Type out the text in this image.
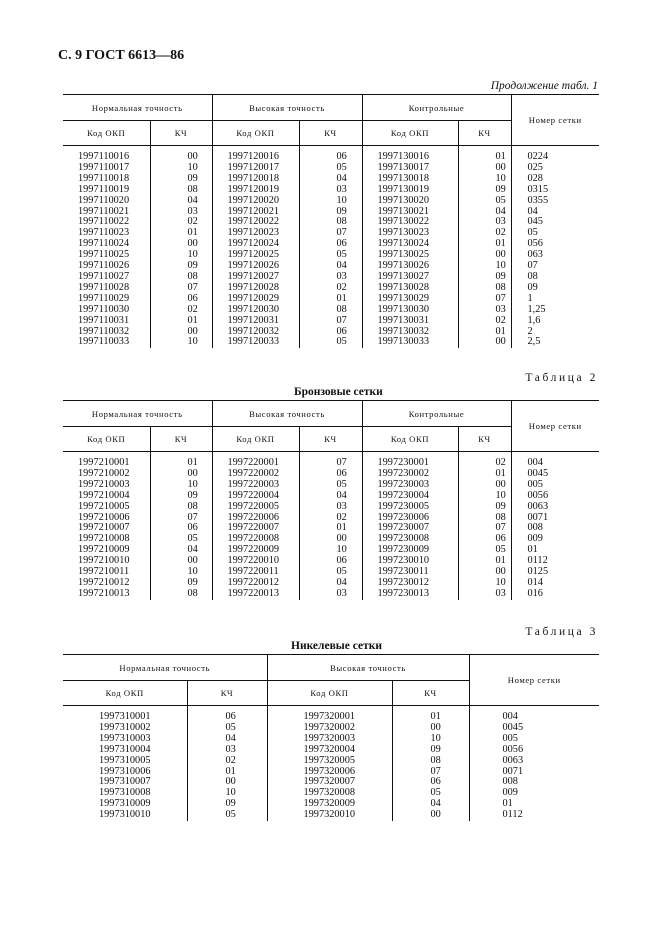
С. 9 ГОСТ 6613—86
Продолжение табл. 1
Нормальная точность		Высокая точность		Контрольные		Номер сетки
Код ОКП	КЧ	Код ОКП	КЧ	Код ОКП	КЧ	
1997110016	00	1997120016	06	1997130016	01	0224
1997110017	10	1997120017	05	1997130017	00	025
1997110018	09	1997120018	04	1997130018	10	028
1997110019	08	1997120019	03	1997130019	09	0315
1997110020	04	1997120020	10	1997130020	05	0355
1997110021	03	1997120021	09	1997130021	04	04
1997110022	02	1997120022	08	1997130022	03	045
1997110023	01	1997120023	07	1997130023	02	05
1997110024	00	1997120024	06	1997130024	01	056
1997110025	10	1997120025	05	1997130025	00	063
1997110026	09	1997120026	04	1997130026	10	07
1997110027	08	1997120027	03	1997130027	09	08
1997110028	07	1997120028	02	1997130028	08	09
1997110029	06	1997120029	01	1997130029	07	1
1997110030	02	1997120030	08	1997130030	03	1,25
1997110031	01	1997120031	07	1997130031	02	1,6
1997110032	00	1997120032	06	1997130032	01	2
1997110033	10	1997120033	05	1997130033	00	2,5
Таблица 2
Бронзовые сетки
Нормальная точность		Высокая точность		Контрольные		Номер сетки
Код ОКП	КЧ	Код ОКП	КЧ	Код ОКП	КЧ	
1997210001	01	1997220001	07	1997230001	02	004
1997210002	00	1997220002	06	1997230002	01	0045
1997210003	10	1997220003	05	1997230003	00	005
1997210004	09	1997220004	04	1997230004	10	0056
1997210005	08	1997220005	03	1997230005	09	0063
1997210006	07	1997220006	02	1997230006	08	0071
1997210007	06	1997220007	01	1997230007	07	008
1997210008	05	1997220008	00	1997230008	06	009
1997210009	04	1997220009	10	1997230009	05	01
1997210010	00	1997220010	06	1997230010	01	0112
1997210011	10	1997220011	05	1997230011	00	0125
1997210012	09	1997220012	04	1997230012	10	014
1997210013	08	1997220013	03	1997230013	03	016
Таблица 3
Никелевые сетки
Нормальная точность		Высокая точность		Номер сетки
Код ОКП	КЧ	Код ОКП	КЧ	
1997310001	06	1997320001	01	004
1997310002	05	1997320002	00	0045
1997310003	04	1997320003	10	005
1997310004	03	1997320004	09	0056
1997310005	02	1997320005	08	0063
1997310006	01	1997320006	07	0071
1997310007	00	1997320007	06	008
1997310008	10	1997320008	05	009
1997310009	09	1997320009	04	01
1997310010	05	1997320010	00	0112
